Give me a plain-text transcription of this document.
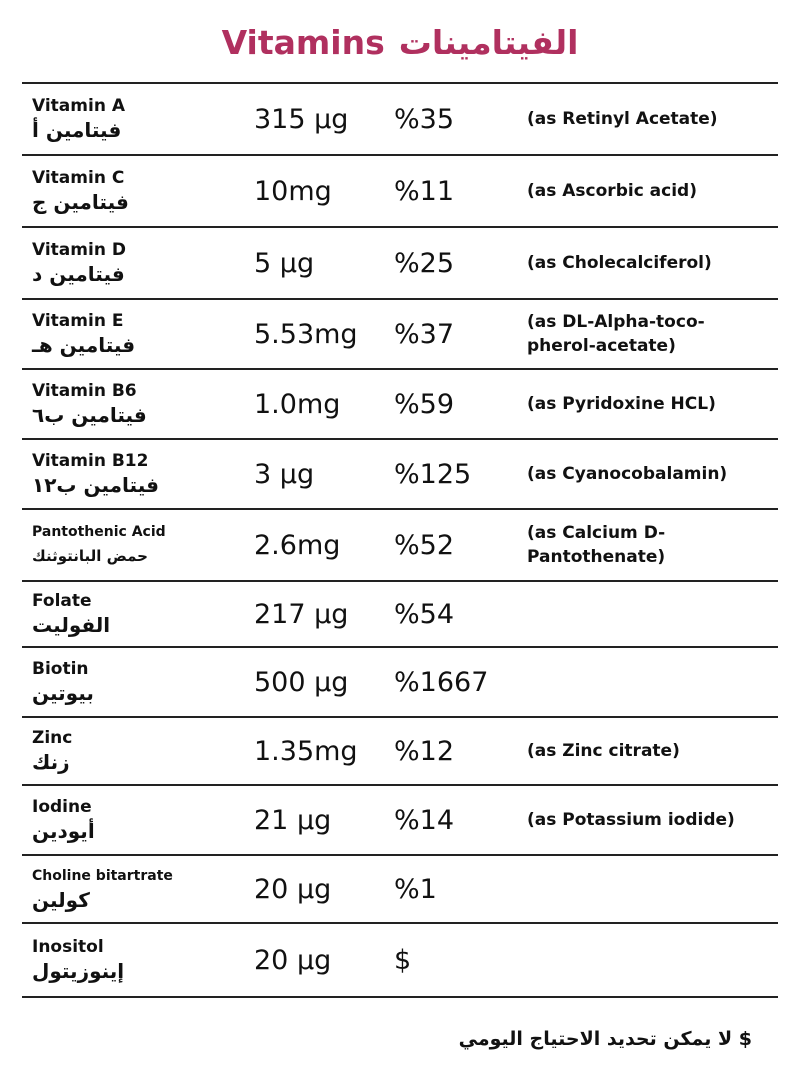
Vitamins الفيتامينات
Vitamin A
فيتامين أ	315 µg	%35	(as Retinyl Acetate)
Vitamin C
فيتامين ج	10mg	%11	(as Ascorbic acid)
Vitamin D
فيتامين د	5 µg	%25	(as Cholecalciferol)
Vitamin E
فيتامين هـ	5.53mg	%37	(as DL-Alpha-toco-
pherol-acetate)
Vitamin B6
فيتامين ب٦	1.0mg	%59	(as Pyridoxine HCL)
Vitamin B12
فيتامين ب١٢	3 µg	%125	(as Cyanocobalamin)
Pantothenic Acid
حمض البانتوثنك	2.6mg	%52	(as Calcium D-
Pantothenate)
Folate
الفوليت	217 µg	%54
Biotin
بيوتين	500 µg	%1667
Zinc
زنك	1.35mg	%12	(as Zinc citrate)
Iodine
أيودين	21 µg	%14	(as Potassium iodide)
Choline bitartrate
كولين	20 µg	%1
Inositol
إينوزيتول	20 µg	$
$ لا يمكن تحديد الاحتياج اليومي
